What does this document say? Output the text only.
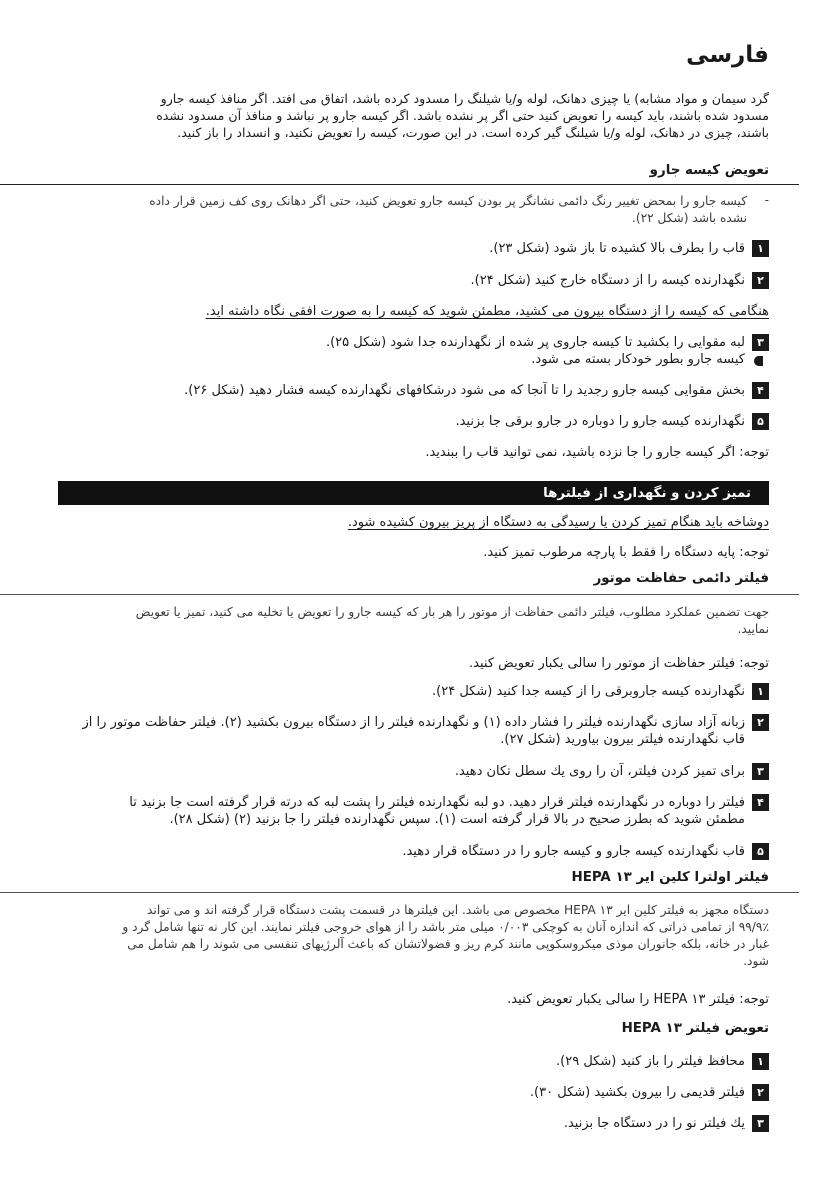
فارسی

گرد سیمان و مواد مشابه) یا چیزی دهانک، لوله و/یا شیلنگ را مسدود کرده باشد، اتفاق می افتد. اگر منافذ کیسه جارو

مسدود شده باشند، باید کیسه را تعویض کنید حتی اگر پر نشده باشد. اگر کیسه جارو پر نباشد و منافذ آن مسدود نشده

باشند، چیزی در دهانک، لوله و/یا شیلنگ گیر کرده است. در این صورت، کیسه را تعویض نکنید، و انسداد را باز کنید.

تعویض کیسه جارو

کیسه جارو را بمحض تغییر رنگ دائمی نشانگر پر بودن کیسه جارو تعویض کنید، حتی اگر دهانک روی کف زمین قرار داده

نشده باشد (شکل ۲۲).

-
۱
قاب را بطرف بالا کشیده تا باز شود (شکل ۲۳).
۲
نگهدارنده کیسه را از دستگاه خارج کنید (شکل ۲۴).
هنگامی که کیسه را از دستگاه بیرون می کشید، مطمئن شوید که کیسه را به صورت افقی نگاه داشته اید.
۳
لبه مقوایی را بکشید تا کیسه جاروی پر شده از نگهدارنده جدا شود (شکل ۲۵).
کیسه جارو بطور خودکار بسته می شود.
۴
بخش مقوایی کیسه جارو رجدید را تا آنجا که می شود درشکافهای نگهدارنده کیسه فشار دهید (شکل ۲۶).
۵
نگهدارنده کیسه جارو را دوباره در جارو برقی جا بزنید.
توجه: اگر کیسه جارو را جا نزده باشید، نمی توانید قاب را ببندید.
تمیز کردن و نگهداری از فیلترها
دوشاخه باید هنگام تمیز کردن یا رسیدگی به دستگاه از پریز بیرون کشیده شود.
توجه: پایه دستگاه را فقط با پارچه مرطوب تمیز کنید.
فیلتر دائمی حفاظت موتور

جهت تضمین عملکرد مطلوب، فیلتر دائمی حفاظت از موتور را هر بار که کیسه جارو را تعویض یا تخلیه می کنید، تمیز یا تعویض

نمایید.

توجه: فیلتر حفاظت از موتور را سالی یکبار تعویض کنید.
۱
نگهدارنده کیسه جاروبرقی را از کیسه جدا کنید (شکل ۲۴).
۲
زبانه آزاد سازی نگهدارنده فیلتر را فشار داده (۱) و نگهدارنده فیلتر را از دستگاه بیرون بکشید (۲). فیلتر حفاظت موتور را از
قاب نگهدارنده فیلتر بیرون بیاورید (شکل ۲۷).
۳
برای تمیز کردن فیلتر، آن را روی یك سطل تکان دهید.
۴
فیلتر را دوباره در نگهدارنده فیلتر قرار دهید. دو لبه نگهدارنده فیلتر را پشت لبه که درته قرار گرفته است جا بزنید تا
مطمئن شوید که بطرز صحیح در بالا قرار گرفته است (۱). سپس نگهدارنده فیلتر را جا بزنید (۲) (شکل ۲۸).
۵
قاب نگهدارنده کیسه جارو و کیسه جارو را در دستگاه قرار دهید.
فیلتر اولترا کلین ایر HEPA ۱۳

دستگاه مجهز به فیلتر کلین ایر HEPA ۱۳ مخصوص می باشد. این فیلترها در قسمت پشت دستگاه قرار گرفته اند و می تواند

۹۹/۹٪ از تمامی ذراتی که اندازه آنان به کوچکی ۰/۰۰۳ میلی متر باشد را از هوای خروجی فیلتر نمایند. این کار نه تنها شامل گرد و

غبار در خانه، بلکه جانوران موذی میکروسکوپی مانند کرم ریز و فضولاتشان که باعث آلرژیهای تنفسی می شوند را هم شامل می

شود.

توجه: فیلتر HEPA ۱۳ را سالی یکبار تعویض کنید.
تعویض فیلتر HEPA ۱۳
۱
محافظ فیلتر را باز کنید (شکل ۲۹).
۲
فیلتر قدیمی را بیرون بکشید (شکل ۳۰).
۳
یك فیلتر نو را در دستگاه جا بزنید.
